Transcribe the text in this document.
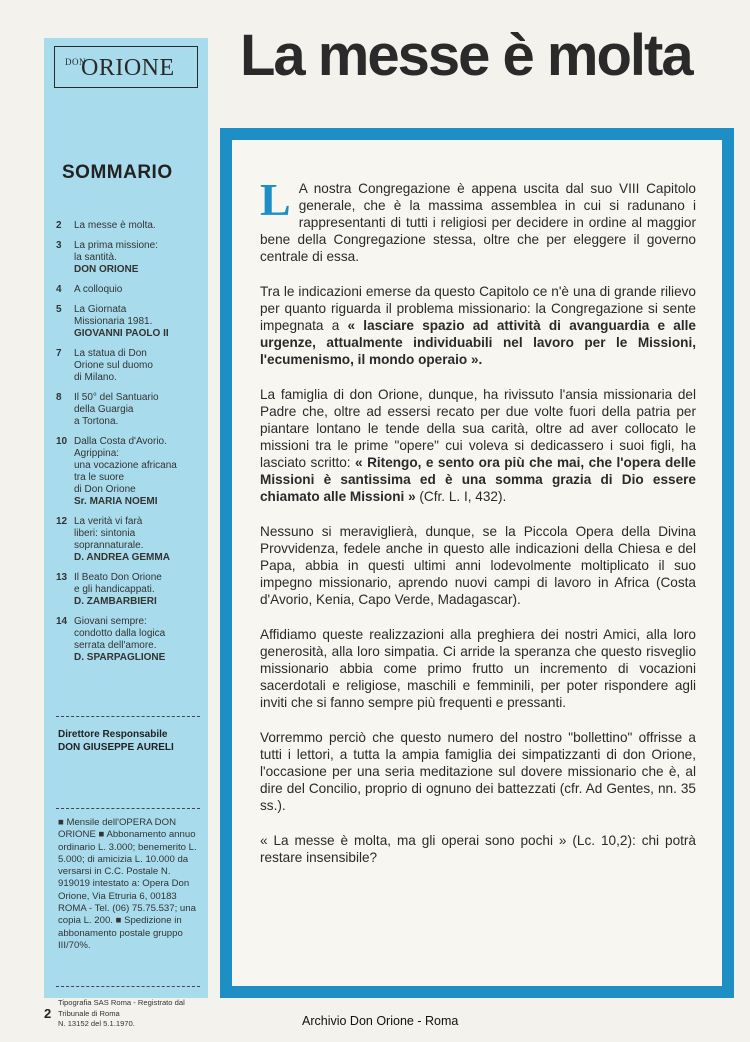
DON
ORIONE
SOMMARIO
2	La messe è molta.
3	La prima missione:
la santità.
DON ORIONE
4	A colloquio
5	La Giornata
Missionaria 1981.
GIOVANNI PAOLO II
7	La statua di Don
Orione sul duomo
di Milano.
8	Il 50° del Santuario
della Guargia
a Tortona.
10 Dalla Costa d'Avorio.
Agrippina:
una vocazione africana
tra le suore
di Don Orione
Sr. MARIA NOEMI
12 La verità vi farà
liberi: sintonia
soprannaturale.
D. ANDREA GEMMA
13 Il Beato Don Orione
e gli handicappati.
D. ZAMBARBIERI
14 Giovani sempre:
condotto dalla logica
serrata dell'amore.
D. SPARPAGLIONE
Direttore Responsabile
DON GIUSEPPE AURELI
■ Mensile dell'OPERA DON ORIONE ■ Abbonamento annuo ordinario L. 3.000; benemerito L. 5.000; di amicizia L. 10.000 da versarsi in C.C. Postale N. 919019 intestato a: Opera Don Orione, Via Etruria 6, 00183 ROMA - Tel. (06) 75.75.537; una copia L. 200. ■ Spedizione in abbonamento postale gruppo III/70%.
Tipografia SAS Roma - Registrato dal Tribunale di Roma
N. 13152 del 5.1.1970.
La messe è molta

L A nostra Congregazione è appena uscita dal suo VIII Capitolo generale, che è la massima assemblea in cui si radunano i rappresentanti di tutti i religiosi per decidere in ordine al maggior bene della Congregazione stessa, oltre che per eleggere il governo centrale di essa.

Tra le indicazioni emerse da questo Capitolo ce n'è una di grande rilievo per quanto riguarda il problema missionario: la Congregazione si sente impegnata a « lasciare spazio ad attività di avanguardia e alle urgenze, attualmente individuabili nel lavoro per le Missioni, l'ecumenismo, il mondo operaio ».

La famiglia di don Orione, dunque, ha rivissuto l'ansia missionaria del Padre che, oltre ad essersi recato per due volte fuori della patria per piantare lontano le tende della sua carità, oltre ad aver collocato le missioni tra le prime "opere" cui voleva si dedicassero i suoi figli, ha lasciato scritto: « Ritengo, e sento ora più che mai, che l'opera delle Missioni è santissima ed è una somma grazia di Dio essere chiamato alle Missioni » (Cfr. L. I, 432).

Nessuno si meraviglierà, dunque, se la Piccola Opera della Divina Provvidenza, fedele anche in questo alle indicazioni della Chiesa e del Papa, abbia in questi ultimi anni lodevolmente moltiplicato il suo impegno missionario, aprendo nuovi campi di lavoro in Africa (Costa d'Avorio, Kenia, Capo Verde, Madagascar).

Affidiamo queste realizzazioni alla preghiera dei nostri Amici, alla loro generosità, alla loro simpatia. Ci arride la speranza che questo risveglio missionario abbia come primo frutto un incremento di vocazioni sacerdotali e religiose, maschili e femminili, per poter rispondere agli inviti che si fanno sempre più frequenti e pressanti.

Vorremmo perciò che questo numero del nostro "bollettino" offrisse a tutti i lettori, a tutta la ampia famiglia dei simpatizzanti di don Orione, l'occasione per una seria meditazione sul dovere missionario che è, al dire del Concilio, proprio di ognuno dei battezzati (cfr. Ad Gentes, nn. 35 ss.).

« La messe è molta, ma gli operai sono pochi » (Lc. 10,2): chi potrà restare insensibile?

2	Archivio Don Orione - Roma
